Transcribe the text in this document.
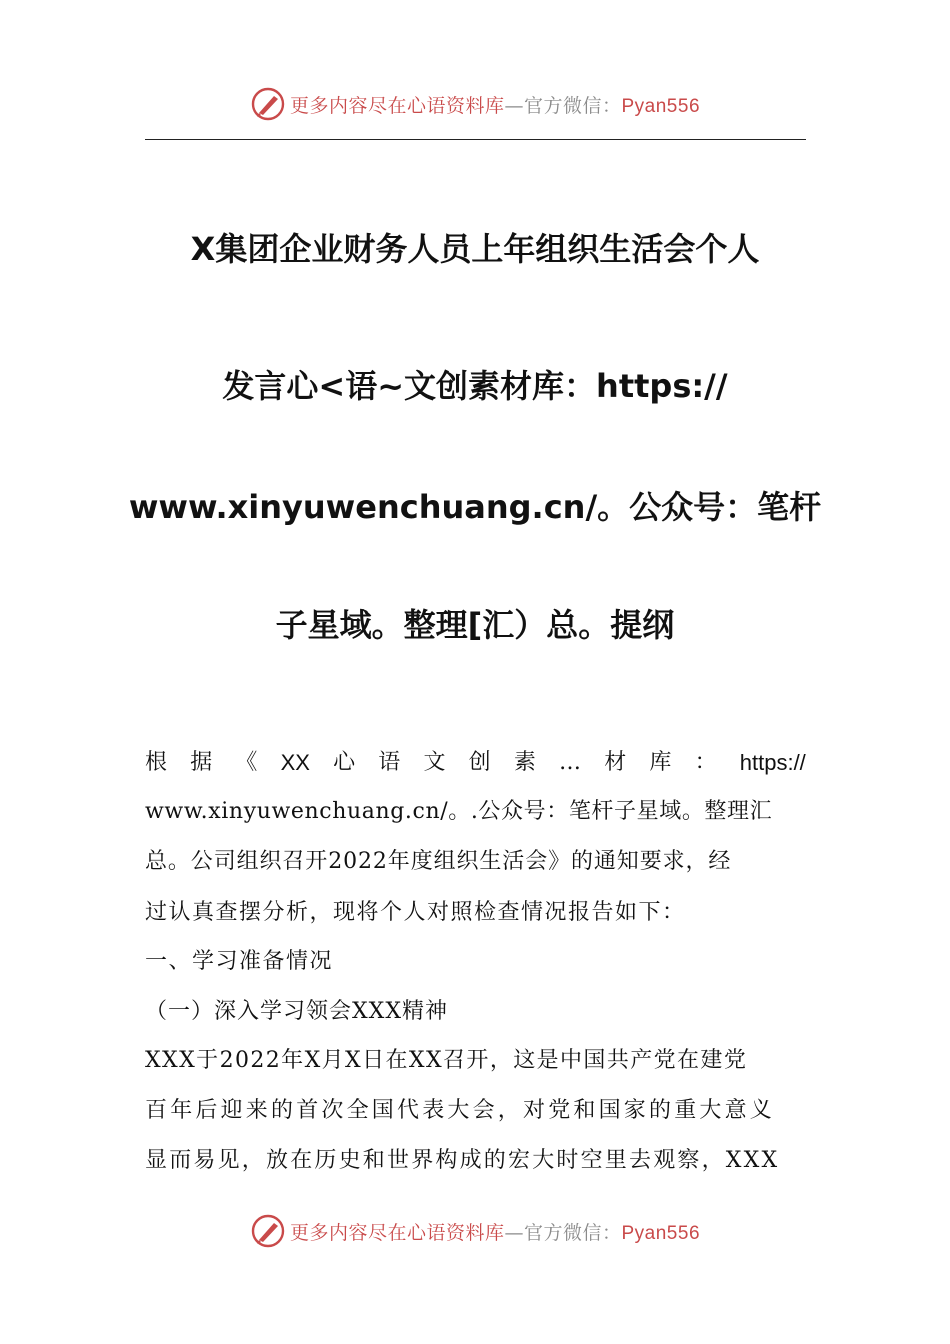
更多内容尽在心语资料库—官方微信：Pyan556
X集团企业财务人员上年组织生活会个人
发言心<语~文创素材库：https://
www.xinyuwenchuang.cn/。公众号：笔杆
子星域。整理[汇）总。提纲
根 据 《 XX 心 语 文 创 素 … 材 库 ： https://
www.xinyuwenchuang.cn/。.公众号：笔杆子星域。整理汇
总。公司组织召开2022年度组织生活会》的通知要求，经
过认真查摆分析，现将个人对照检查情况报告如下：
一、学习准备情况
（一）深入学习领会XXX精神
XXX于2022年X月X日在XX召开，这是中国共产党在建党
百年后迎来的首次全国代表大会，对党和国家的重大意义
显而易见，放在历史和世界构成的宏大时空里去观察，XXX
更多内容尽在心语资料库—官方微信：Pyan556
